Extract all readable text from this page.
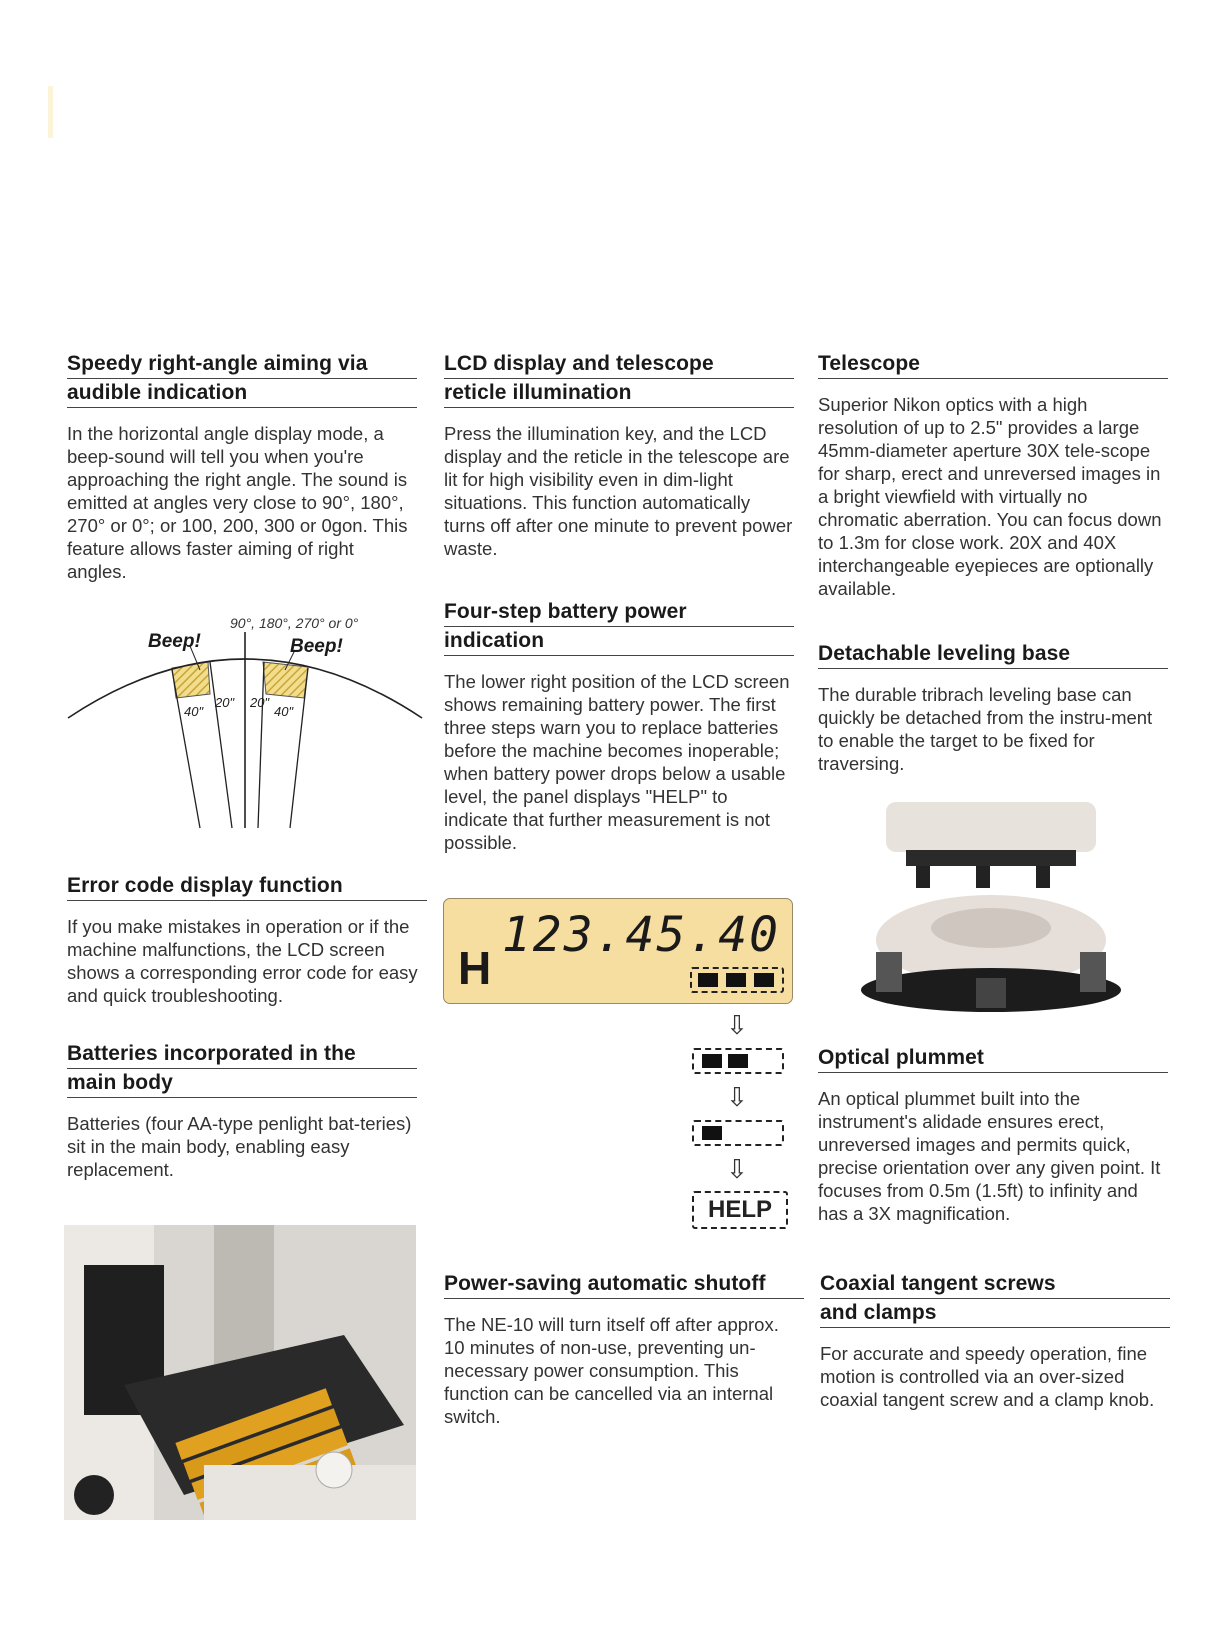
Speedy right-angle aiming via
audible indication

In the horizontal angle display mode, a beep-sound will tell you when you're approaching the right angle. The sound is emitted at angles very close to 90°, 180°, 270° or 0°; or 100, 200, 300 or 0gon. This feature allows faster aiming of right angles.

90°, 180°, 270° or 0°
Beep!	Beep!
40"
20" 20"
40"
Error code display function

If you make mistakes in operation or if the machine malfunctions, the LCD screen shows a corresponding error code for easy and quick troubleshooting.

Batteries incorporated in the
main body

Batteries (four AA-type penlight bat-teries) sit in the main body, enabling easy replacement.

LCD display and telescope
reticle illumination

Press the illumination key, and the LCD display and the reticle in the telescope are lit for high visibility even in dim-light situations. This function automatically turns off after one minute to prevent power waste.

Four-step battery power
indication

The lower right position of the LCD screen shows remaining battery power. The first three steps warn you to replace batteries before the machine becomes inoperable; when battery power drops below a usable level, the panel displays "HELP" to indicate that further measurement is not possible.

H
123.45.40
⇩
⇩
⇩
HELP
Power-saving automatic shutoff

The NE-10 will turn itself off after approx. 10 minutes of non-use, preventing un-necessary power consumption. This function can be cancelled via an internal switch.

Telescope

Superior Nikon optics with a high resolution of up to 2.5" provides a large 45mm-diameter aperture 30X tele-scope for sharp, erect and unreversed images in a bright viewfield with virtually no chromatic aberration. You can focus down to 1.3m for close work. 20X and 40X interchangeable eyepieces are optionally available.

Detachable leveling base

The durable tribrach leveling base can quickly be detached from the instru-ment to enable the target to be fixed for traversing.

Optical plummet

An optical plummet built into the instrument's alidade ensures erect, unreversed images and permits quick, precise orientation over any given point. It focuses from 0.5m (1.5ft) to infinity and has a 3X magnification.

Coaxial tangent screws
and clamps

For accurate and speedy operation, fine motion is controlled via an over-sized coaxial tangent screw and a clamp knob.
